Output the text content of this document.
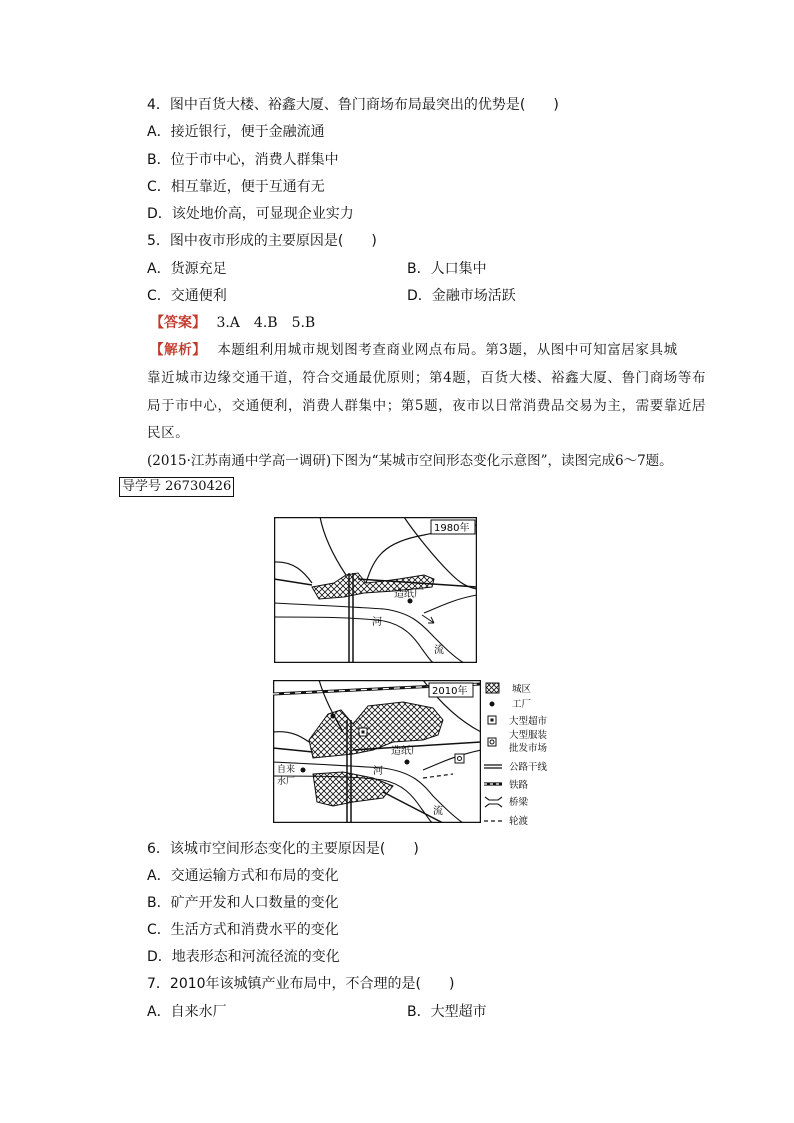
4．图中百货大楼、裕鑫大厦、鲁门商场布局最突出的优势是(　　)
A．接近银行，便于金融流通
B．位于市中心，消费人群集中
C．相互靠近，便于互通有无
D．该处地价高，可显现企业实力
5．图中夜市形成的主要原因是(　　)
A．货源充足	B．人口集中
C．交通便利	D．金融市场活跃
【答案】 3.A　4.B　5.B
【解析】 本题组利用城市规划图考查商业网点布局。第3题，从图中可知富居家具城
靠近城市边缘交通干道，符合交通最优原则；第4题，百货大楼、裕鑫大厦、鲁门商场等布
局于市中心，交通便利，消费人群集中；第5题，夜市以日常消费品交易为主，需要靠近居
民区。
(2015·江苏南通中学高一调研)下图为“某城市空间形态变化示意图”，读图完成6～7题。
导学号 26730426
1980年
造纸厂
河
流
2010年
造纸厂
河
流
自来
水厂
城区
工厂
大型超市
大型服装
批发市场
公路干线
铁路
桥梁
轮渡
6．该城市空间形态变化的主要原因是(　　)
A．交通运输方式和布局的变化
B．矿产开发和人口数量的变化
C．生活方式和消费水平的变化
D．地表形态和河流径流的变化
7．2010年该城镇产业布局中，不合理的是(　　)
A．自来水厂	B．大型超市
